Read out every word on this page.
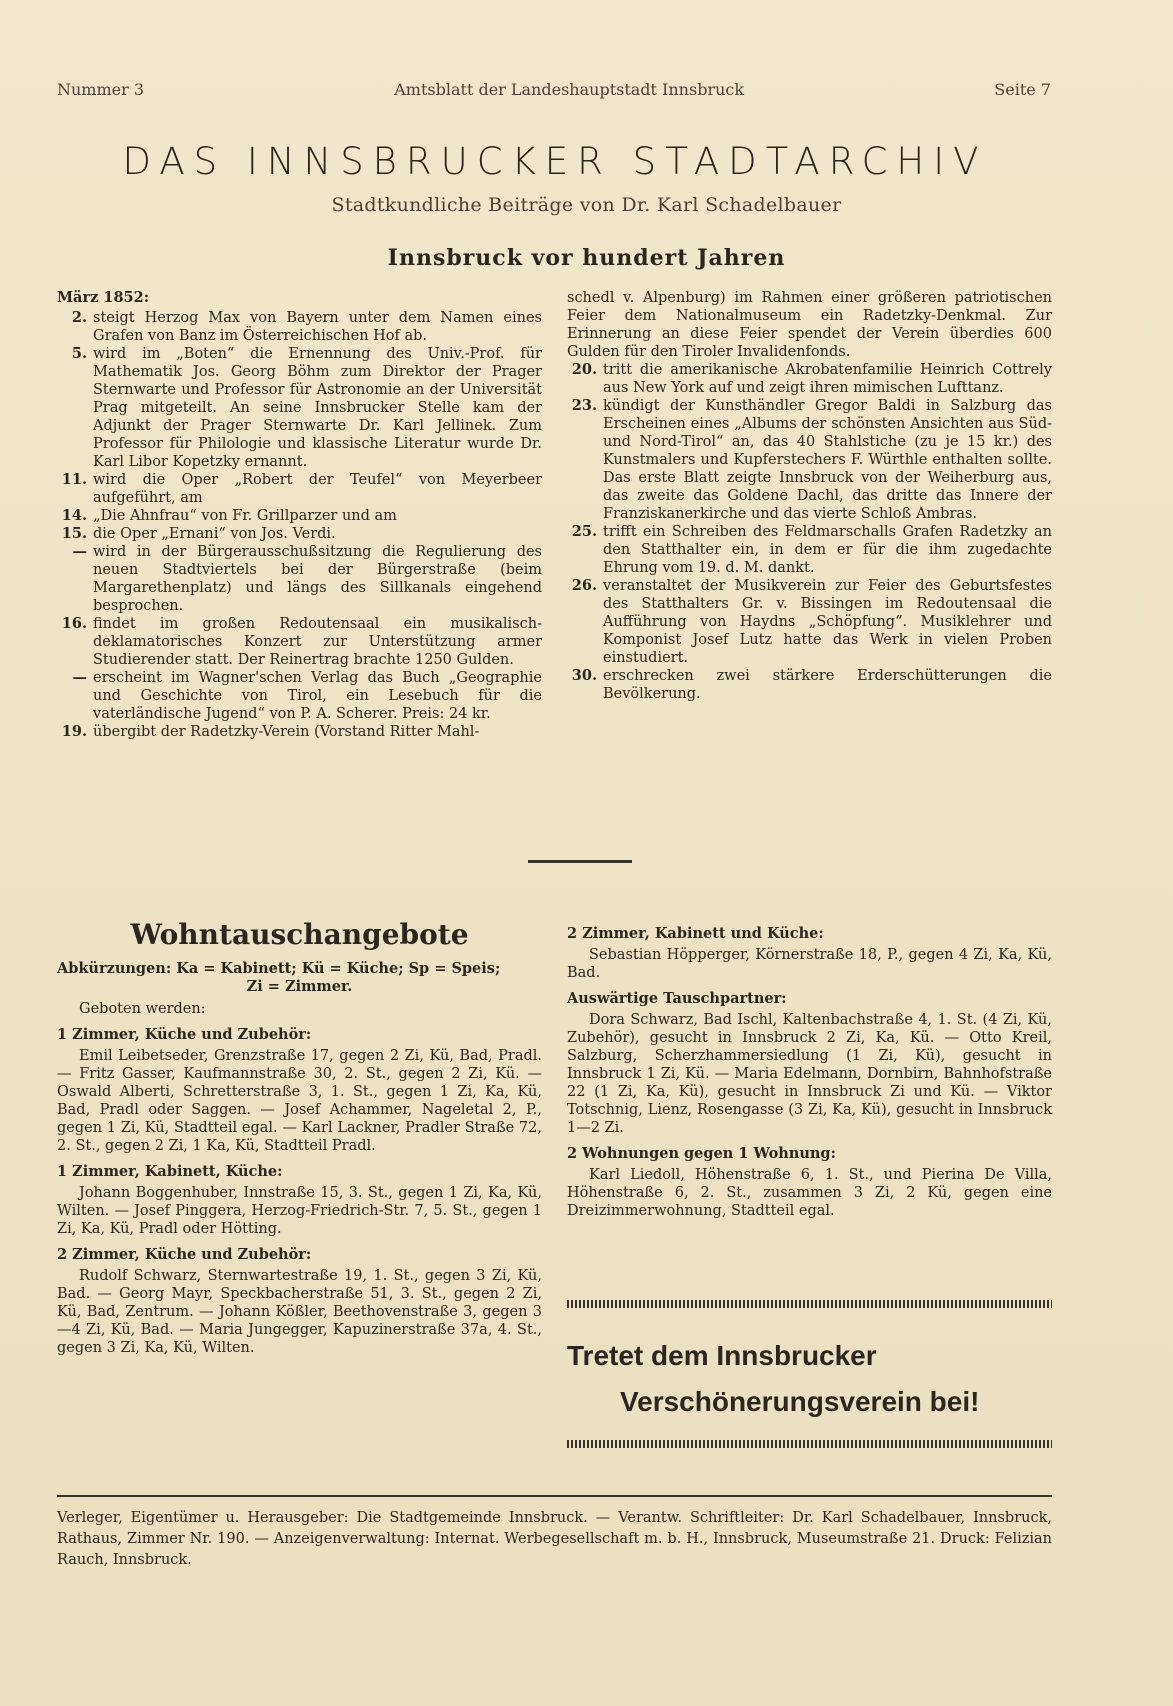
Nummer 3	Amtsblatt der Landeshauptstadt Innsbruck	Seite 7
DAS INNSBRUCKER STADTARCHIV
Stadtkundliche Beiträge von Dr. Karl Schadelbauer
Innsbruck vor hundert Jahren
März 1852:
2. steigt Herzog Max von Bayern unter dem Namen eines Grafen von Banz im Österreichischen Hof ab.
5. wird im „Boten“ die Ernennung des Univ.-Prof. für Mathematik Jos. Georg Böhm zum Direktor der Prager Sternwarte und Professor für Astronomie an der Universität Prag mitgeteilt. An seine Innsbrucker Stelle kam der Adjunkt der Prager Sternwarte Dr. Karl Jellinek. Zum Professor für Philologie und klassische Literatur wurde Dr. Karl Libor Kopetzky ernannt.
11. wird die Oper „Robert der Teufel“ von Meyerbeer aufgeführt, am
14. „Die Ahnfrau“ von Fr. Grillparzer und am
15. die Oper „Ernani“ von Jos. Verdi.
— wird in der Bürgerausschußsitzung die Regulierung des neuen Stadtviertels bei der Bürgerstraße (beim Margarethenplatz) und längs des Sillkanals eingehend besprochen.
16. findet im großen Redoutensaal ein musikalisch-deklamatorisches Konzert zur Unterstützung armer Studierender statt. Der Reinertrag brachte 1250 Gulden.
— erscheint im Wagner'schen Verlag das Buch „Geographie und Geschichte von Tirol, ein Lesebuch für die vaterländische Jugend“ von P. A. Scherer. Preis: 24 kr.
19. übergibt der Radetzky-Verein (Vorstand Ritter Mahl-
schedl v. Alpenburg) im Rahmen einer größeren patriotischen Feier dem Nationalmuseum ein Radetzky-Denkmal. Zur Erinnerung an diese Feier spendet der Verein überdies 600 Gulden für den Tiroler Invalidenfonds.
20. tritt die amerikanische Akrobatenfamilie Heinrich Cottrely aus New York auf und zeigt ihren mimischen Lufttanz.
23. kündigt der Kunsthändler Gregor Baldi in Salzburg das Erscheinen eines „Albums der schönsten Ansichten aus Süd- und Nord-Tirol“ an, das 40 Stahlstiche (zu je 15 kr.) des Kunstmalers und Kupferstechers F. Würthle enthalten sollte. Das erste Blatt zeigte Innsbruck von der Weiherburg aus, das zweite das Goldene Dachl, das dritte das Innere der Franziskanerkirche und das vierte Schloß Ambras.
25. trifft ein Schreiben des Feldmarschalls Grafen Radetzky an den Statthalter ein, in dem er für die ihm zugedachte Ehrung vom 19. d. M. dankt.
26. veranstaltet der Musikverein zur Feier des Geburtsfestes des Statthalters Gr. v. Bissingen im Redoutensaal die Aufführung von Haydns „Schöpfung“. Musiklehrer und Komponist Josef Lutz hatte das Werk in vielen Proben einstudiert.
30. erschrecken zwei stärkere Erderschütterungen die Bevölkerung.
Wohntauschangebote
Abkürzungen: Ka = Kabinett; Kü = Küche; Sp = Speis;
Zi = Zimmer.
Geboten werden:
1 Zimmer, Küche und Zubehör:
Emil Leibetseder, Grenzstraße 17, gegen 2 Zi, Kü, Bad, Pradl. — Fritz Gasser, Kaufmannstraße 30, 2. St., gegen 2 Zi, Kü. — Oswald Alberti, Schretterstraße 3, 1. St., gegen 1 Zi, Ka, Kü, Bad, Pradl oder Saggen. — Josef Achammer, Nageletal 2, P., gegen 1 Zi, Kü, Stadtteil egal. — Karl Lackner, Pradler Straße 72, 2. St., gegen 2 Zi, 1 Ka, Kü, Stadtteil Pradl.
1 Zimmer, Kabinett, Küche:
Johann Boggenhuber, Innstraße 15, 3. St., gegen 1 Zi, Ka, Kü, Wilten. — Josef Pinggera, Herzog-Friedrich-Str. 7, 5. St., gegen 1 Zi, Ka, Kü, Pradl oder Hötting.
2 Zimmer, Küche und Zubehör:
Rudolf Schwarz, Sternwartestraße 19, 1. St., gegen 3 Zi, Kü, Bad. — Georg Mayr, Speckbacherstraße 51, 3. St., gegen 2 Zi, Kü, Bad, Zentrum. — Johann Kößler, Beethovenstraße 3, gegen 3—4 Zi, Kü, Bad. — Maria Jungegger, Kapuzinerstraße 37a, 4. St., gegen 3 Zi, Ka, Kü, Wilten.
2 Zimmer, Kabinett und Küche:
Sebastian Höpperger, Körnerstraße 18, P., gegen 4 Zi, Ka, Kü, Bad.
Auswärtige Tauschpartner:
Dora Schwarz, Bad Ischl, Kaltenbachstraße 4, 1. St. (4 Zi, Kü, Zubehör), gesucht in Innsbruck 2 Zi, Ka, Kü. — Otto Kreil, Salzburg, Scherzhammersiedlung (1 Zi, Kü), gesucht in Innsbruck 1 Zi, Kü. — Maria Edelmann, Dornbirn, Bahnhofstraße 22 (1 Zi, Ka, Kü), gesucht in Innsbruck Zi und Kü. — Viktor Totschnig, Lienz, Rosengasse (3 Zi, Ka, Kü), gesucht in Innsbruck 1—2 Zi.
2 Wohnungen gegen 1 Wohnung:
Karl Liedoll, Höhenstraße 6, 1. St., und Pierina De Villa, Höhenstraße 6, 2. St., zusammen 3 Zi, 2 Kü, gegen eine Dreizimmerwohnung, Stadtteil egal.
Tretet dem Innsbrucker
Verschönerungsverein bei!
Verleger, Eigentümer u. Herausgeber: Die Stadtgemeinde Innsbruck. — Verantw. Schriftleiter: Dr. Karl Schadelbauer, Innsbruck, Rathaus, Zimmer Nr. 190. — Anzeigenverwaltung: Internat. Werbegesellschaft m. b. H., Innsbruck, Museumstraße 21. Druck: Felizian Rauch, Innsbruck.
